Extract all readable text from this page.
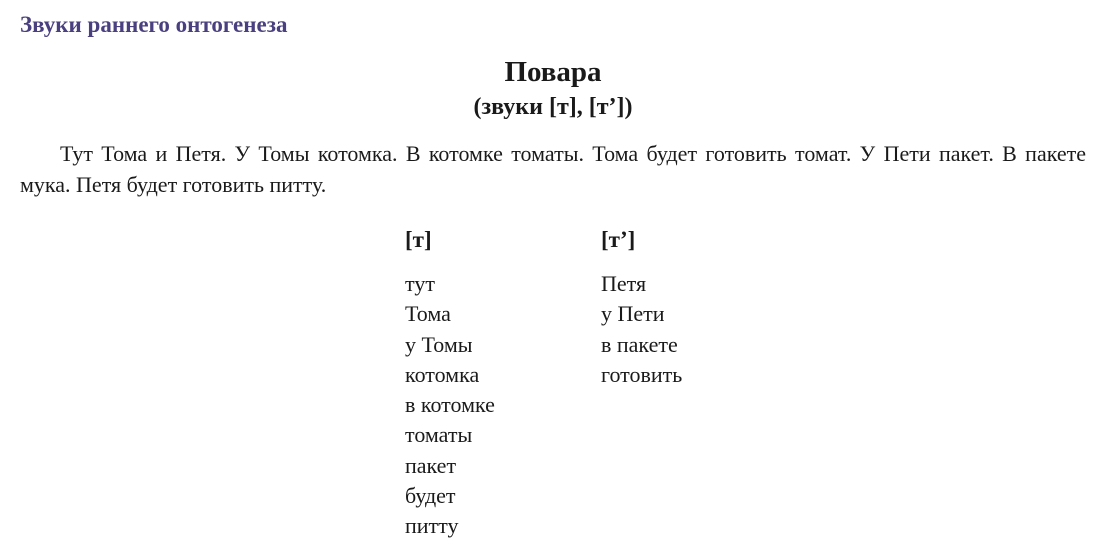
Звуки раннего онтогенеза
Повара
(звуки [т], [т’])

Тут Тома и Петя. У Томы котомка. В котомке томаты. Тома будет готовить томат. У Пети пакет. В пакете мука. Петя будет готовить питту.

[т]
тут
Тома
у Томы
котомка
в котомке
томаты
пакет
будет
питту
[т’]
Петя
у Пети
в пакете
готовить
